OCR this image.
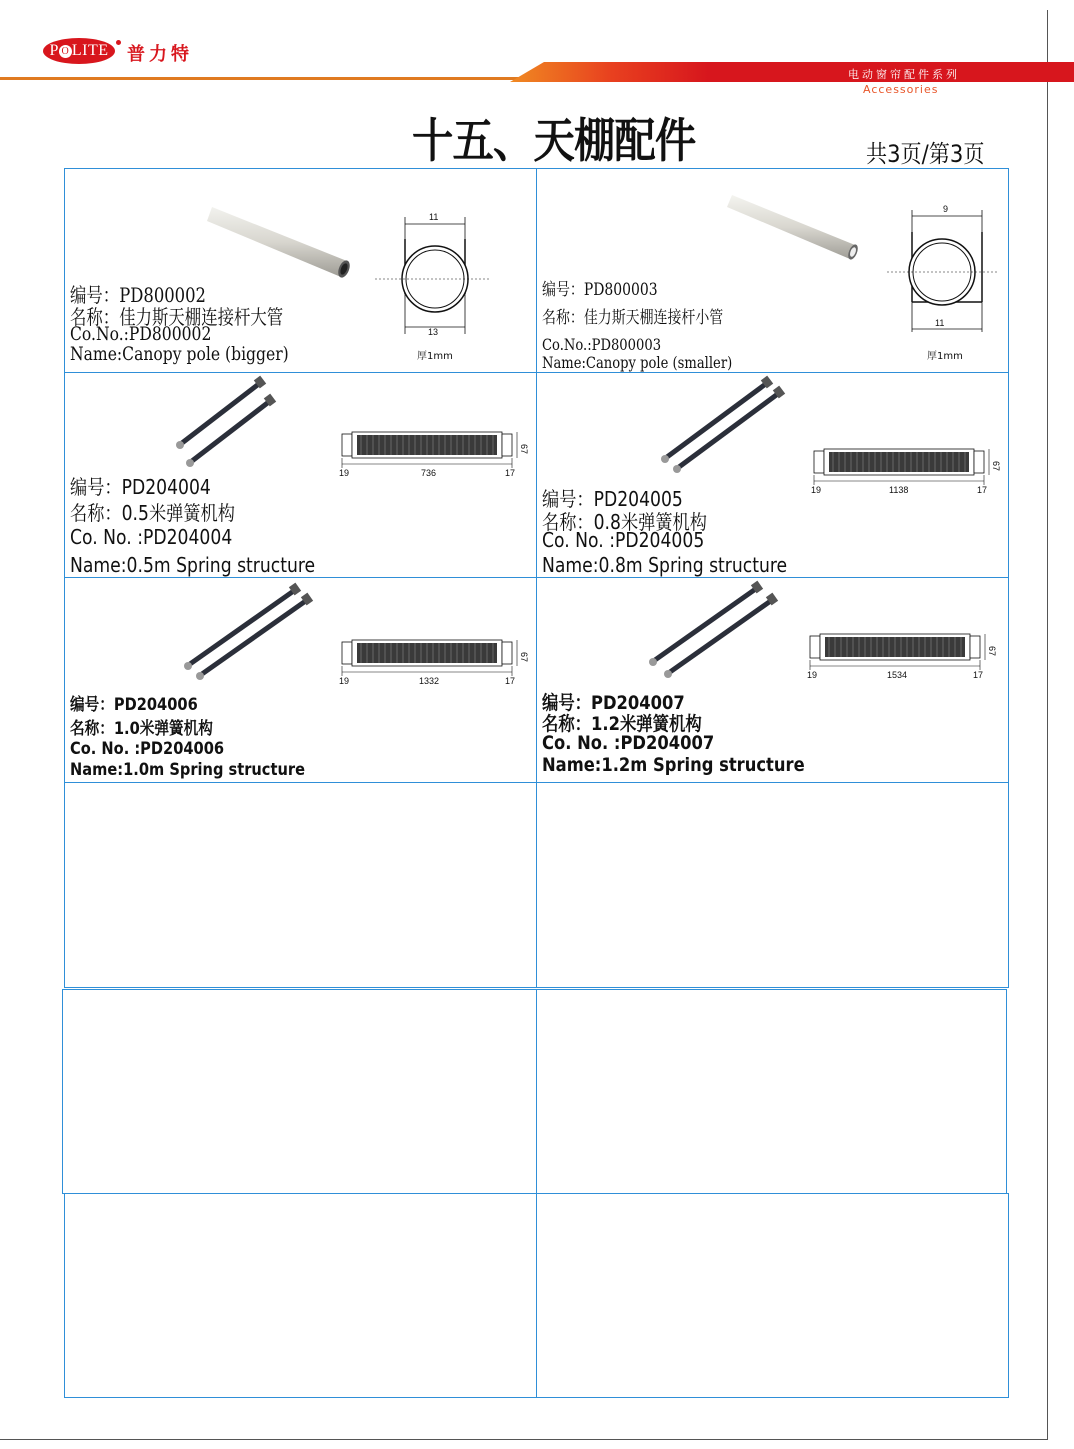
P O LITE	普力特
电动窗帘配件系列
Accessories
十五、天棚配件	共3页/第3页
11
13
厚1mm
编号：PD800002
名称：佳力斯天棚连接杆大管
Co.No.:PD800002
Name:Canopy pole (bigger)
9
11
厚1mm
编号：PD800003
名称：佳力斯天棚连接杆小管
Co.No.:PD800003
Name:Canopy pole (smaller)
67
19	736	17
编号：PD204004
名称：0.5米弹簧机构
Co. No. :PD204004
Name:0.5m Spring structure
67
19	1138	17
编号：PD204005
名称：0.8米弹簧机构
Co. No. :PD204005
Name:0.8m Spring structure
67
19	1332	17
编号：PD204006
名称：1.0米弹簧机构
Co. No. :PD204006
Name:1.0m Spring structure
67
19	1534	17
编号：PD204007
名称：1.2米弹簧机构
Co. No. :PD204007
Name:1.2m Spring structure
